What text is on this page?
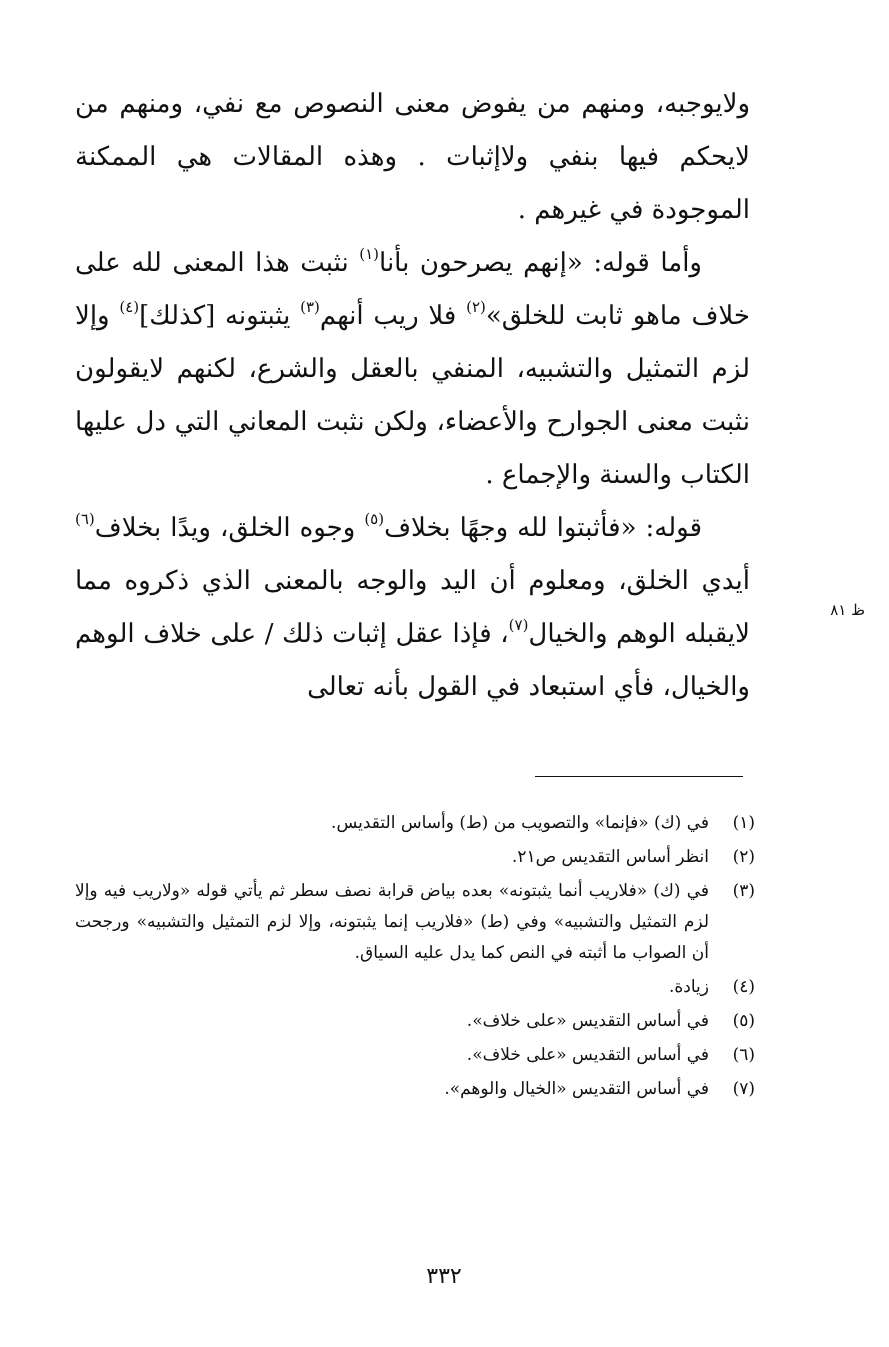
ولايوجبه، ومنهم من يفوض معنى النصوص مع نفي، ومنهم من لايحكم فيها بنفي ولاإثبات . وهذه المقالات هي الممكنة الموجودة في غيرهم .

وأما قوله: «إنهم يصرحون بأنا$^{(١)}$ نثبت هذا المعنى لله على خلاف ماهو ثابت للخلق»$^{(٢)}$ فلا ريب أنهم$^{(٣)}$ يثبتونه [كذلك]$^{(٤)}$ وإلا لزم التمثيل والتشبيه، المنفي بالعقل والشرع، لكنهم لايقولون نثبت معنى الجوارح والأعضاء، ولكن نثبت المعاني التي دل عليها الكتاب والسنة والإجماع .

قوله: «فأثبتوا لله وجهًا بخلاف$^{(٥)}$ وجوه الخلق، ويدًا بخلاف$^{(٦)}$ أيدي الخلق، ومعلوم أن اليد والوجه بالمعنى الذي ذكروه مما لايقبله الوهم والخيال$^{(٧)}$، فإذا عقل إثبات ذلك / على خلاف الوهم والخيال، فأي استبعاد في القول بأنه تعالى

ظ ٨١
(١)
في (ك) «فإنما» والتصويب من (ط) وأساس التقديس.
(٢)
انظر أساس التقديس ص٢١.
(٣)
في (ك) «فلاريب أنما يثبتونه» بعده بياض قرابة نصف سطر ثم يأتي قوله «ولاريب فيه وإلا لزم التمثيل والتشبيه» وفي (ط) «فلاريب إنما يثبتونه، وإلا لزم التمثيل والتشبيه» ورجحت أن الصواب ما أثبته في النص كما يدل عليه السياق.
(٤)
زيادة.
(٥)
في أساس التقديس «على خلاف».
(٦)
في أساس التقديس «على خلاف».
(٧)
في أساس التقديس «الخيال والوهم».
٣٣٢
